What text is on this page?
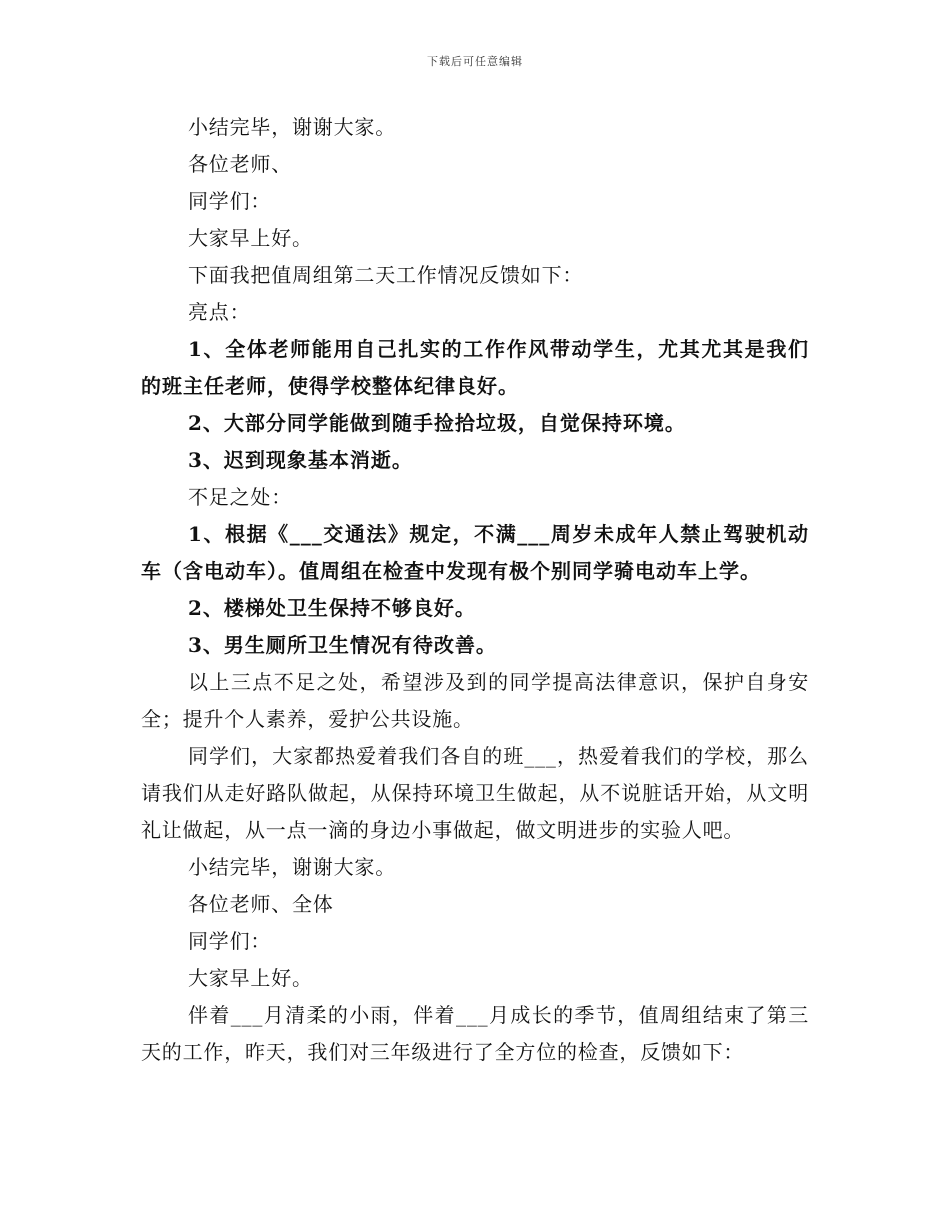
下载后可任意编辑

小结完毕，谢谢大家。

各位老师、

同学们：

大家早上好。

下面我把值周组第二天工作情况反馈如下：

亮点：

1、全体老师能用自己扎实的工作作风带动学生，尤其尤其是我们的班主任老师，使得学校整体纪律良好。

2、大部分同学能做到随手捡拾垃圾，自觉保持环境。

3、迟到现象基本消逝。

不足之处：

1、根据《___交通法》规定，不满___周岁未成年人禁止驾驶机动车（含电动车）。值周组在检查中发现有极个别同学骑电动车上学。

2、楼梯处卫生保持不够良好。

3、男生厕所卫生情况有待改善。

以上三点不足之处，希望涉及到的同学提高法律意识，保护自身安全；提升个人素养，爱护公共设施。

同学们，大家都热爱着我们各自的班___，热爱着我们的学校，那么请我们从走好路队做起，从保持环境卫生做起，从不说脏话开始，从文明礼让做起，从一点一滴的身边小事做起，做文明进步的实验人吧。

小结完毕，谢谢大家。

各位老师、全体

同学们：

大家早上好。

伴着___月清柔的小雨，伴着___月成长的季节，值周组结束了第三天的工作，昨天，我们对三年级进行了全方位的检查，反馈如下：
